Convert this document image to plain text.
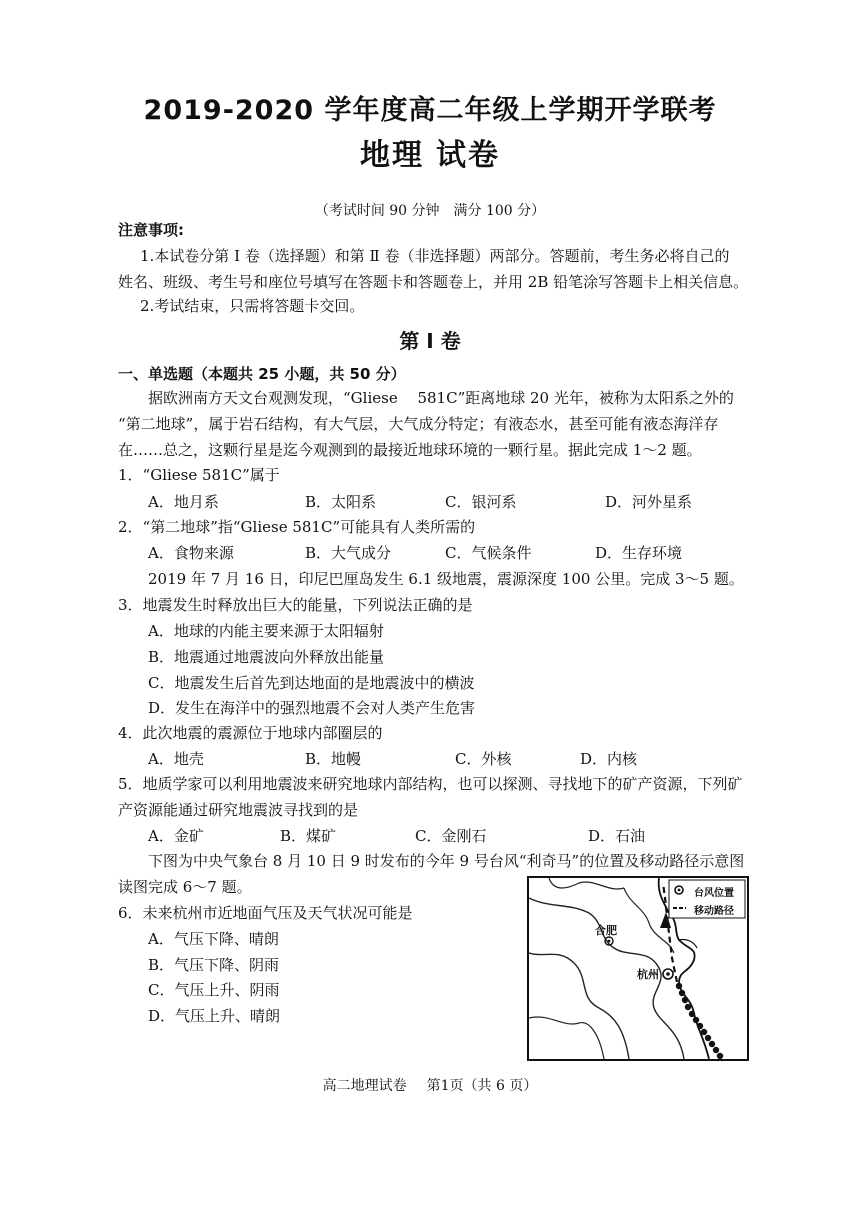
2019-2020 学年度高二年级上学期开学联考
地理 试卷
（考试时间 90 分钟　满分 100 分）
注意事项:
1.本试卷分第 Ⅰ 卷（选择题）和第 Ⅱ 卷（非选择题）两部分。答题前，考生务必将自己的
姓名、班级、考生号和座位号填写在答题卡和答题卷上，并用 2B 铅笔涂写答题卡上相关信息。
2.考试结束，只需将答题卡交回。
第 I 卷
一、单选题（本题共 25 小题，共 50 分）
据欧洲南方天文台观测发现，“Gliese　 581C”距离地球 20 光年，被称为太阳系之外的
“第二地球”，属于岩石结构，有大气层，大气成分特定；有液态水，甚至可能有液态海洋存
在……总之，这颗行星是迄今观测到的最接近地球环境的一颗行星。据此完成 1～2 题。
1．“Gliese 581C”属于
A．地月系	B．太阳系	C．银河系	D．河外星系
2．“第二地球”指“Gliese 581C”可能具有人类所需的
A．食物来源	B．大气成分	C．气候条件	D．生存环境
2019 年 7 月 16 日，印尼巴厘岛发生 6.1 级地震，震源深度 100 公里。完成 3～5 题。
3．地震发生时释放出巨大的能量，下列说法正确的是
A．地球的内能主要来源于太阳辐射
B．地震通过地震波向外释放出能量
C．地震发生后首先到达地面的是地震波中的横波
D．发生在海洋中的强烈地震不会对人类产生危害
4．此次地震的震源位于地球内部圈层的
A．地壳	B．地幔	C．外核	D．内核
5．地质学家可以利用地震波来研究地球内部结构，也可以探测、寻找地下的矿产资源，下列矿
产资源能通过研究地震波寻找到的是
A．金矿	B．煤矿	C．金刚石	D．石油
下图为中央气象台 8 月 10 日 9 时发布的今年 9 号台风“利奇马”的位置及移动路径示意图
读图完成 6～7 题。
6．未来杭州市近地面气压及天气状况可能是
A．气压下降、晴朗
B．气压下降、阴雨
C．气压上升、阴雨
D．气压上升、晴朗
台风位置
移动路径
合肥
杭州
高二地理试卷 第1页（共 6 页）
